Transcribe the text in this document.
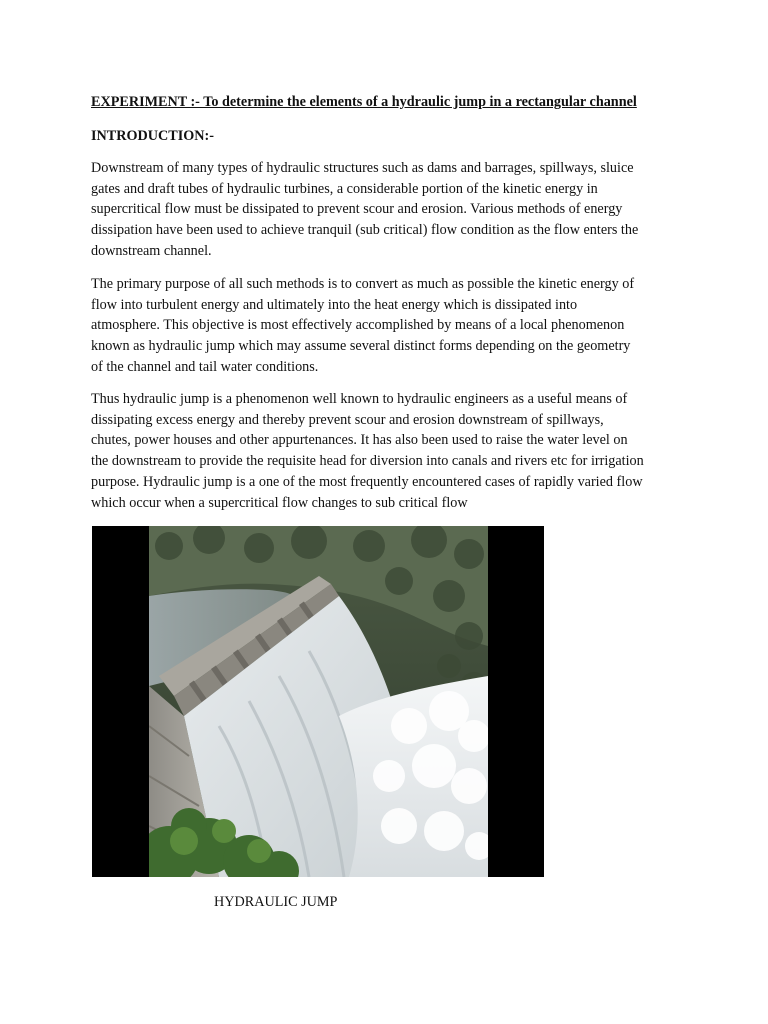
EXPERIMENT :- To determine the elements of a hydraulic jump in a rectangular channel
INTRODUCTION:-

Downstream of many types of hydraulic structures such as dams and barrages, spillways, sluice
gates and draft tubes of hydraulic turbines, a considerable portion of the kinetic energy in
supercritical flow must be dissipated to prevent scour and erosion. Various methods of energy
dissipation have been used to achieve tranquil (sub critical) flow condition as the flow enters the
downstream channel.

The primary purpose of all such methods is to convert as much as possible the kinetic energy of
flow into turbulent energy and ultimately into the heat energy which is dissipated into
atmosphere. This objective is most effectively accomplished by means of a local phenomenon
known as hydraulic jump which may assume several distinct forms depending on the geometry
of the channel and tail water conditions.

Thus hydraulic jump is a phenomenon well known to hydraulic engineers as a useful means of
dissipating excess energy and thereby prevent scour and erosion downstream of spillways,
chutes, power houses and other appurtenances. It has also been used to raise the water level on
the downstream to provide the requisite head for diversion into canals and rivers etc for irrigation
purpose. Hydraulic jump is a one of the most frequently encountered cases of rapidly varied flow
which occur when a supercritical flow changes to sub critical flow

HYDRAULIC JUMP
